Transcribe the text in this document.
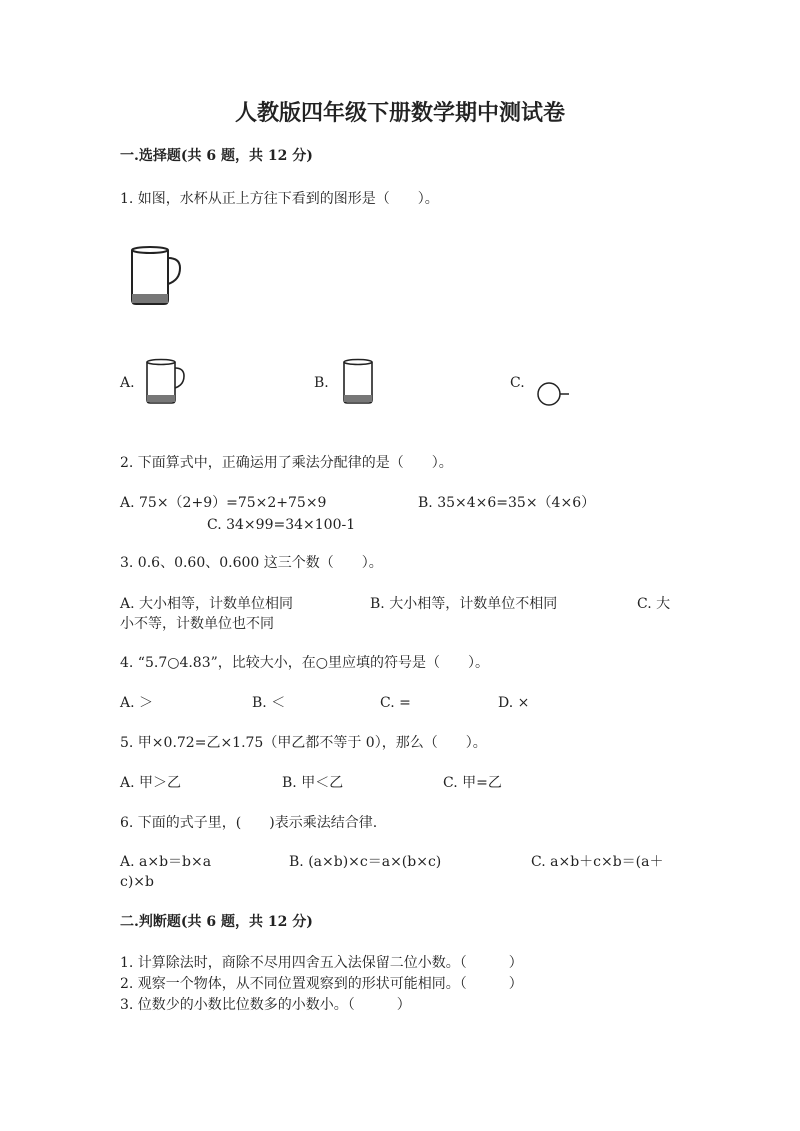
人教版四年级下册数学期中测试卷
一.选择题(共 6 题，共 12 分)
1. 如图，水杯从正上方往下看到的图形是（　　）。
A.	B.	C.
2. 下面算式中，正确运用了乘法分配律的是（　　）。
A. 75×（2+9）=75×2+75×9	B. 35×4×6=35×（4×6）
C. 34×99=34×100-1
3. 0.6、0.60、0.600 这三个数（　　）。
A. 大小相等，计数单位相同	B. 大小相等，计数单位不相同	C. 大
小不等，计数单位也不同
4. “5.7○4.83”，比较大小，在○里应填的符号是（　　）。
A. ＞	B. ＜	C. =	D. ×
5. 甲×0.72=乙×1.75（甲乙都不等于 0），那么（　　）。
A. 甲＞乙	B. 甲＜乙	C. 甲=乙
6. 下面的式子里，(　　)表示乘法结合律.
A. a×b＝b×a	B. (a×b)×c＝a×(b×c)	C. a×b＋c×b＝(a＋
c)×b
二.判断题(共 6 题，共 12 分)
1. 计算除法时，商除不尽用四舍五入法保留二位小数。（　　　）
2. 观察一个物体，从不同位置观察到的形状可能相同。（　　　）
3. 位数少的小数比位数多的小数小。（　　　）
